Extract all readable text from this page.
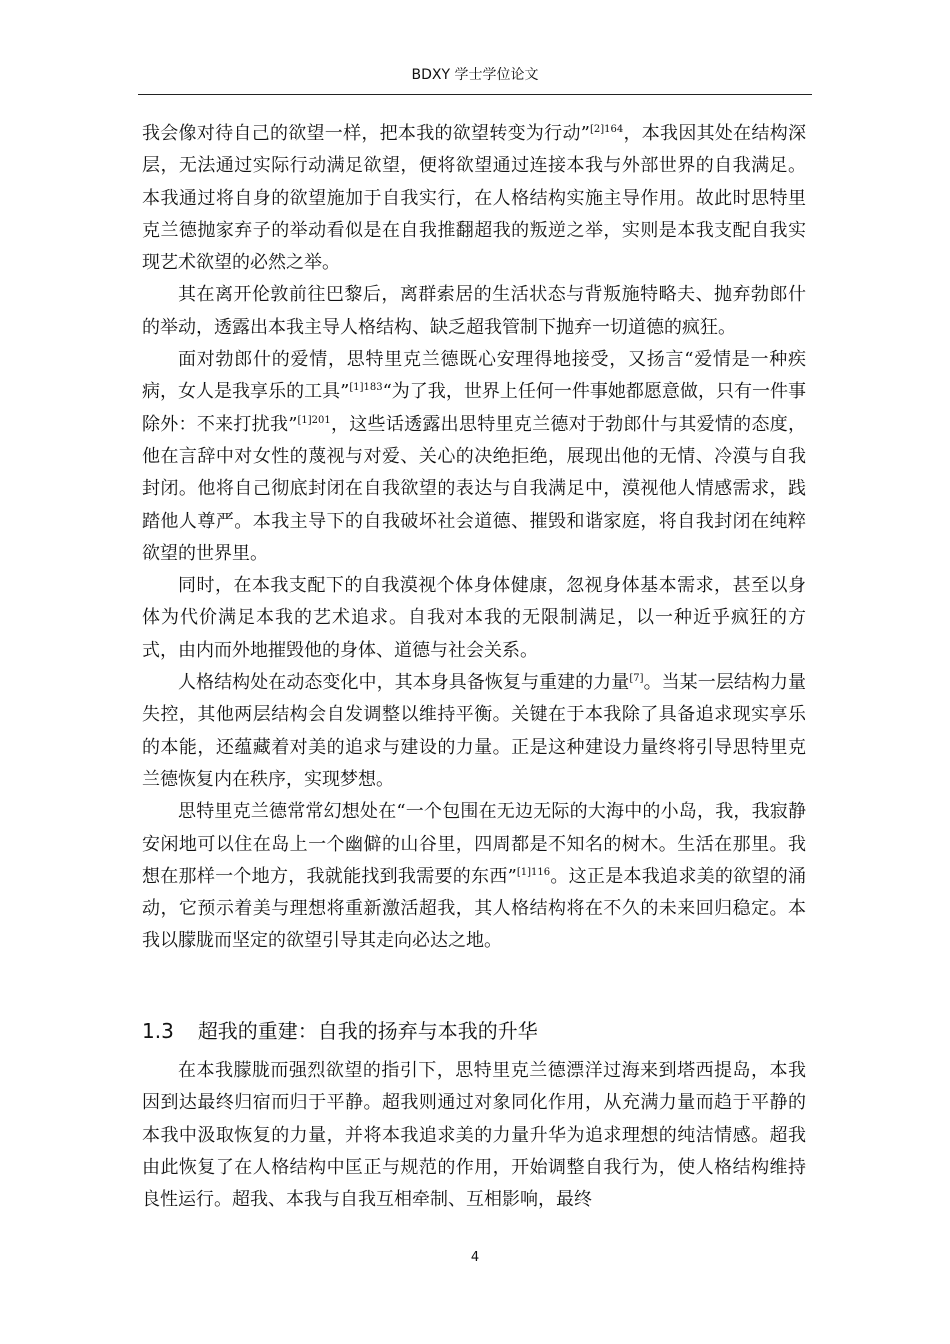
BDXY 学士学位论文

我会像对待自己的欲望一样，把本我的欲望转变为行动”$^{[2]164}$，本我因其处在结构深层，无法通过实际行动满足欲望，便将欲望通过连接本我与外部世界的自我满足。本我通过将自身的欲望施加于自我实行，在人格结构实施主导作用。故此时思特里克兰德抛家弃子的举动看似是在自我推翻超我的叛逆之举，实则是本我支配自我实现艺术欲望的必然之举。

其在离开伦敦前往巴黎后，离群索居的生活状态与背叛施特略夫、抛弃勃郎什的举动，透露出本我主导人格结构、缺乏超我管制下抛弃一切道德的疯狂。

面对勃郎什的爱情，思特里克兰德既心安理得地接受，又扬言“爱情是一种疾病，女人是我享乐的工具”$^{[1]183}$“为了我，世界上任何一件事她都愿意做，只有一件事除外：不来打扰我”$^{[1]201}$，这些话透露出思特里克兰德对于勃郎什与其爱情的态度，他在言辞中对女性的蔑视与对爱、关心的决绝拒绝，展现出他的无情、冷漠与自我封闭。他将自己彻底封闭在自我欲望的表达与自我满足中，漠视他人情感需求，践踏他人尊严。本我主导下的自我破坏社会道德、摧毁和谐家庭，将自我封闭在纯粹欲望的世界里。

同时，在本我支配下的自我漠视个体身体健康，忽视身体基本需求，甚至以身体为代价满足本我的艺术追求。自我对本我的无限制满足，以一种近乎疯狂的方式，由内而外地摧毁他的身体、道德与社会关系。

人格结构处在动态变化中，其本身具备恢复与重建的力量[7]。当某一层结构力量失控，其他两层结构会自发调整以维持平衡。关键在于本我除了具备追求现实享乐的本能，还蕴藏着对美的追求与建设的力量。正是这种建设力量终将引导思特里克兰德恢复内在秩序，实现梦想。

思特里克兰德常常幻想处在“一个包围在无边无际的大海中的小岛，我，我寂静安闲地可以住在岛上一个幽僻的山谷里，四周都是不知名的树木。生活在那里。我想在那样一个地方，我就能找到我需要的东西”$^{[1]116}$。这正是本我追求美的欲望的涌动，它预示着美与理想将重新激活超我，其人格结构将在不久的未来回归稳定。本我以朦胧而坚定的欲望引导其走向必达之地。

1.3 超我的重建：自我的扬弃与本我的升华

在本我朦胧而强烈欲望的指引下，思特里克兰德漂洋过海来到塔西提岛，本我因到达最终归宿而归于平静。超我则通过对象同化作用，从充满力量而趋于平静的本我中汲取恢复的力量，并将本我追求美的力量升华为追求理想的纯洁情感。超我由此恢复了在人格结构中匡正与规范的作用，开始调整自我行为，使人格结构维持良性运行。超我、本我与自我互相牵制、互相影响，最终

4
